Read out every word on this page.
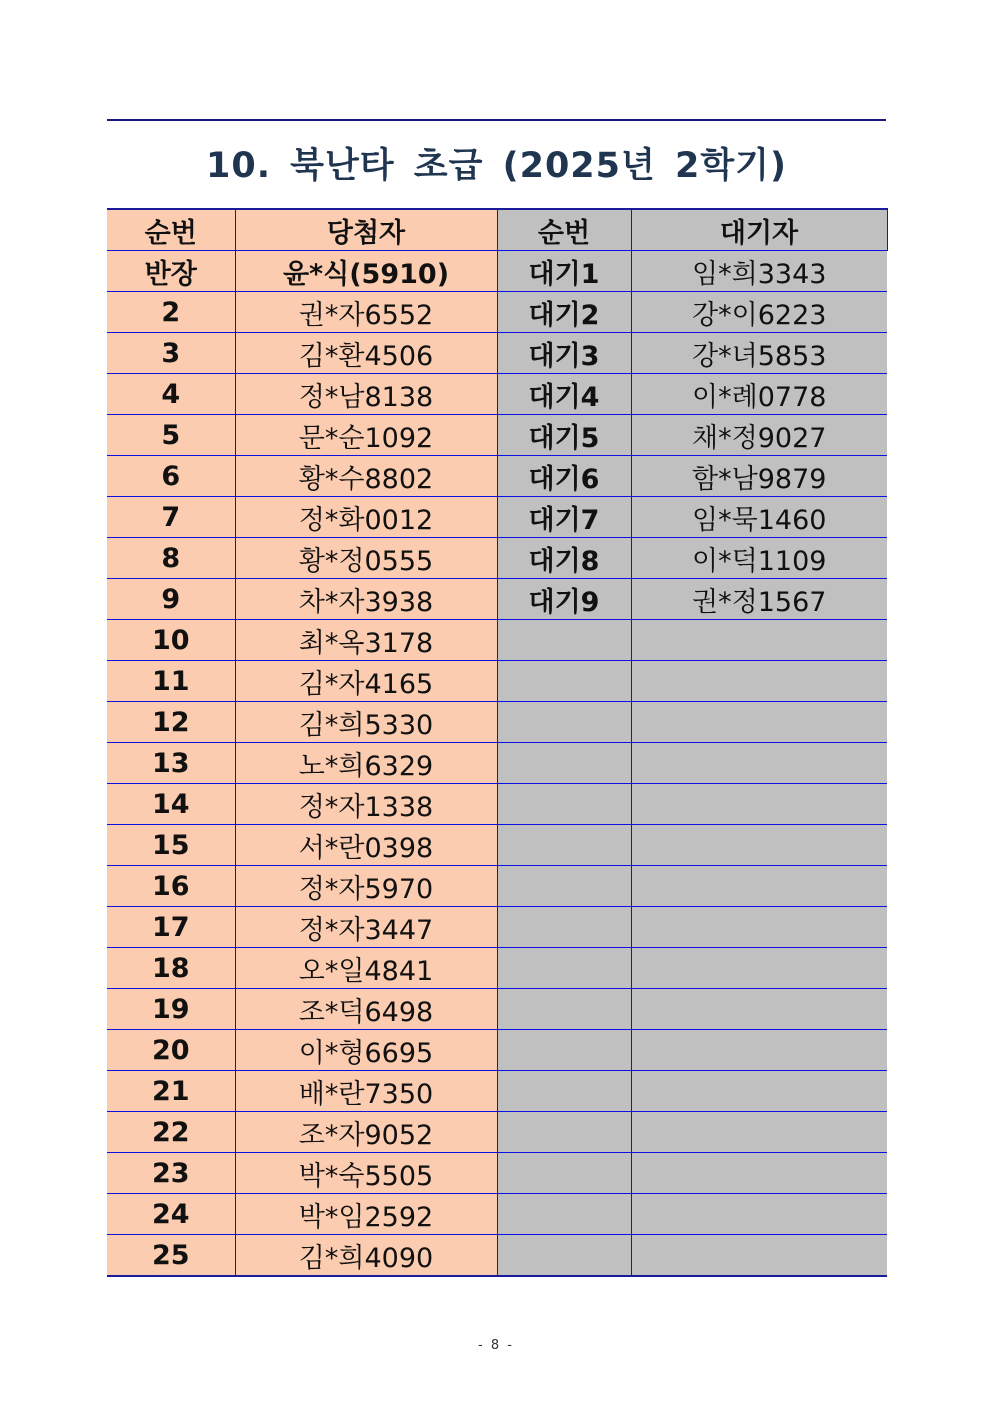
10. 북난타 초급 (2025년 2학기)
순번	당첨자	순번	대기자
반장	윤*식(5910)	대기1	임*희3343
2	권*자6552	대기2	강*이6223
3	김*환4506	대기3	강*녀5853
4	정*남8138	대기4	이*례0778
5	문*순1092	대기5	채*정9027
6	황*수8802	대기6	함*남9879
7	정*화0012	대기7	임*묵1460
8	황*정0555	대기8	이*덕1109
9	차*자3938	대기9	권*정1567
10	최*옥3178		
11	김*자4165		
12	김*희5330		
13	노*희6329		
14	정*자1338		
15	서*란0398		
16	정*자5970		
17	정*자3447		
18	오*일4841		
19	조*덕6498		
20	이*형6695		
21	배*란7350		
22	조*자9052		
23	박*숙5505		
24	박*임2592		
25	김*희4090		
- 8 -
